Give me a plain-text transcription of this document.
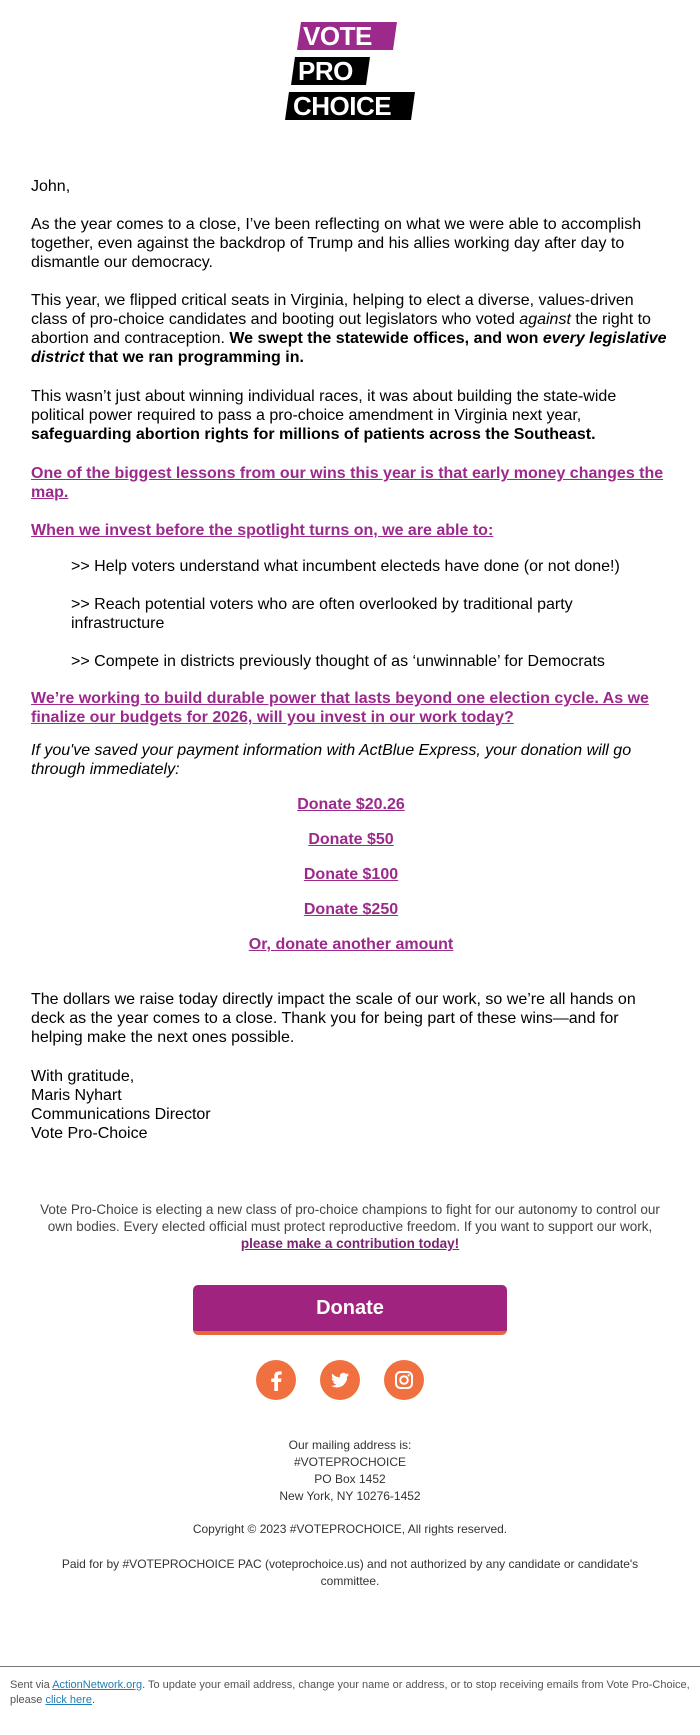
VOTE
PRO
CHOICE

John,

As the year comes to a close, I’ve been reflecting on what we were able to accomplish together, even against the backdrop of Trump and his allies working day after day to dismantle our democracy.

This year, we flipped critical seats in Virginia, helping to elect a diverse, values-driven class of pro-choice candidates and booting out legislators who voted against the right to abortion and contraception. We swept the statewide offices, and won every legislative district that we ran programming in.

This wasn’t just about winning individual races, it was about building the state-wide political power required to pass a pro-choice amendment in Virginia next year, safeguarding abortion rights for millions of patients across the Southeast.

One of the biggest lessons from our wins this year is that early money changes the map.

When we invest before the spotlight turns on, we are able to:

>> Help voters understand what incumbent electeds have done (or not done!)

>> Reach potential voters who are often overlooked by traditional party infrastructure

>> Compete in districts previously thought of as ‘unwinnable’ for Democrats

We’re working to build durable power that lasts beyond one election cycle. As we finalize our budgets for 2026, will you invest in our work today?

If you've saved your payment information with ActBlue Express, your donation will go through immediately:

Donate $20.26
Donate $50
Donate $100
Donate $250
Or, donate another amount

The dollars we raise today directly impact the scale of our work, so we’re all hands on deck as the year comes to a close. Thank you for being part of these wins—and for helping make the next ones possible.

With gratitude,

Maris Nyhart

Communications Director

Vote Pro-Choice

Vote Pro-Choice is electing a new class of pro-choice champions to fight for our autonomy to control our own bodies. Every elected official must protect reproductive freedom. If you want to support our work, please make a contribution today!
Donate
Our mailing address is:
#VOTEPROCHOICE
PO Box 1452
New York, NY 10276-1452
Copyright © 2023 #VOTEPROCHOICE, All rights reserved.
Paid for by #VOTEPROCHOICE PAC (voteprochoice.us) and not authorized by any candidate or candidate's committee.
Sent via ActionNetwork.org. To update your email address, change your name or address, or to stop receiving emails from Vote Pro-Choice, please click here.
